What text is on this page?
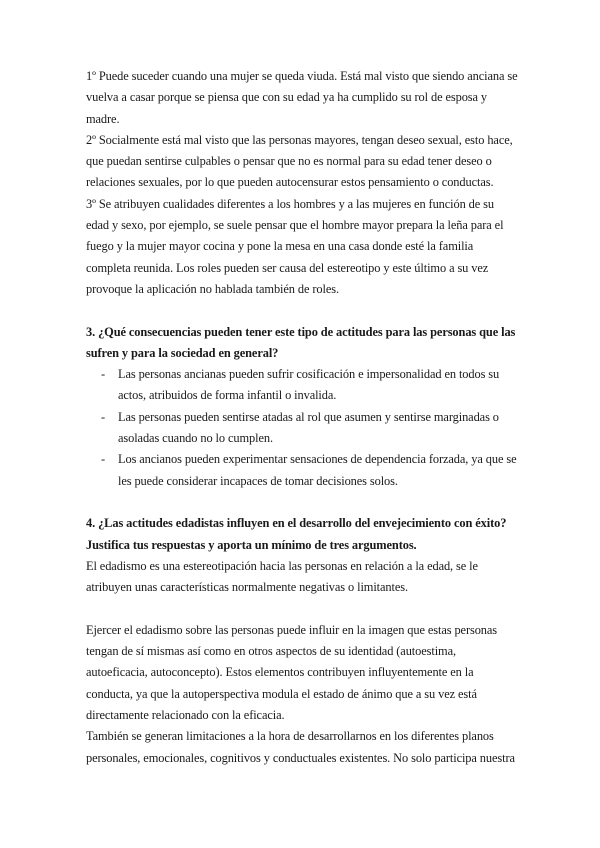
1º Puede suceder cuando una mujer se queda viuda. Está mal visto que siendo anciana se vuelva a casar porque se piensa que con su edad ya ha cumplido su rol de esposa y madre.

2º Socialmente está mal visto que las personas mayores, tengan deseo sexual, esto hace, que puedan sentirse culpables o pensar que no es normal para su edad tener deseo o relaciones sexuales, por lo que pueden autocensurar estos pensamiento o conductas.

3º Se atribuyen cualidades diferentes a los hombres y a las mujeres en función de su edad y sexo, por ejemplo, se suele pensar que el hombre mayor prepara la leña para el fuego y la mujer mayor cocina y pone la mesa en una casa donde esté la familia completa reunida. Los roles pueden ser causa del estereotipo y este último a su vez provoque la aplicación no hablada también de roles.

3. ¿Qué consecuencias pueden tener este tipo de actitudes para las personas que las sufren y para la sociedad en general?

- Las personas ancianas pueden sufrir cosificación e impersonalidad en todos su actos, atribuidos de forma infantil o invalida.
- Las personas pueden sentirse atadas al rol que asumen y sentirse marginadas o asoladas cuando no lo cumplen.
- Los ancianos pueden experimentar sensaciones de dependencia forzada, ya que se les puede considerar incapaces de tomar decisiones solos.

4. ¿Las actitudes edadistas influyen en el desarrollo del envejecimiento con éxito? Justifica tus respuestas y aporta un mínimo de tres argumentos.

El edadismo es una estereotipación hacia las personas en relación a la edad, se le atribuyen unas características normalmente negativas o limitantes.

Ejercer el edadismo sobre las personas puede influir en la imagen que estas personas tengan de sí mismas así como en otros aspectos de su identidad (autoestima, autoeficacia, autoconcepto). Estos elementos contribuyen influyentemente en la conducta, ya que la autoperspectiva modula el estado de ánimo que a su vez está directamente relacionado con la eficacia.

También se generan limitaciones a la hora de desarrollarnos en los diferentes planos personales, emocionales, cognitivos y conductuales existentes. No solo participa nuestra
